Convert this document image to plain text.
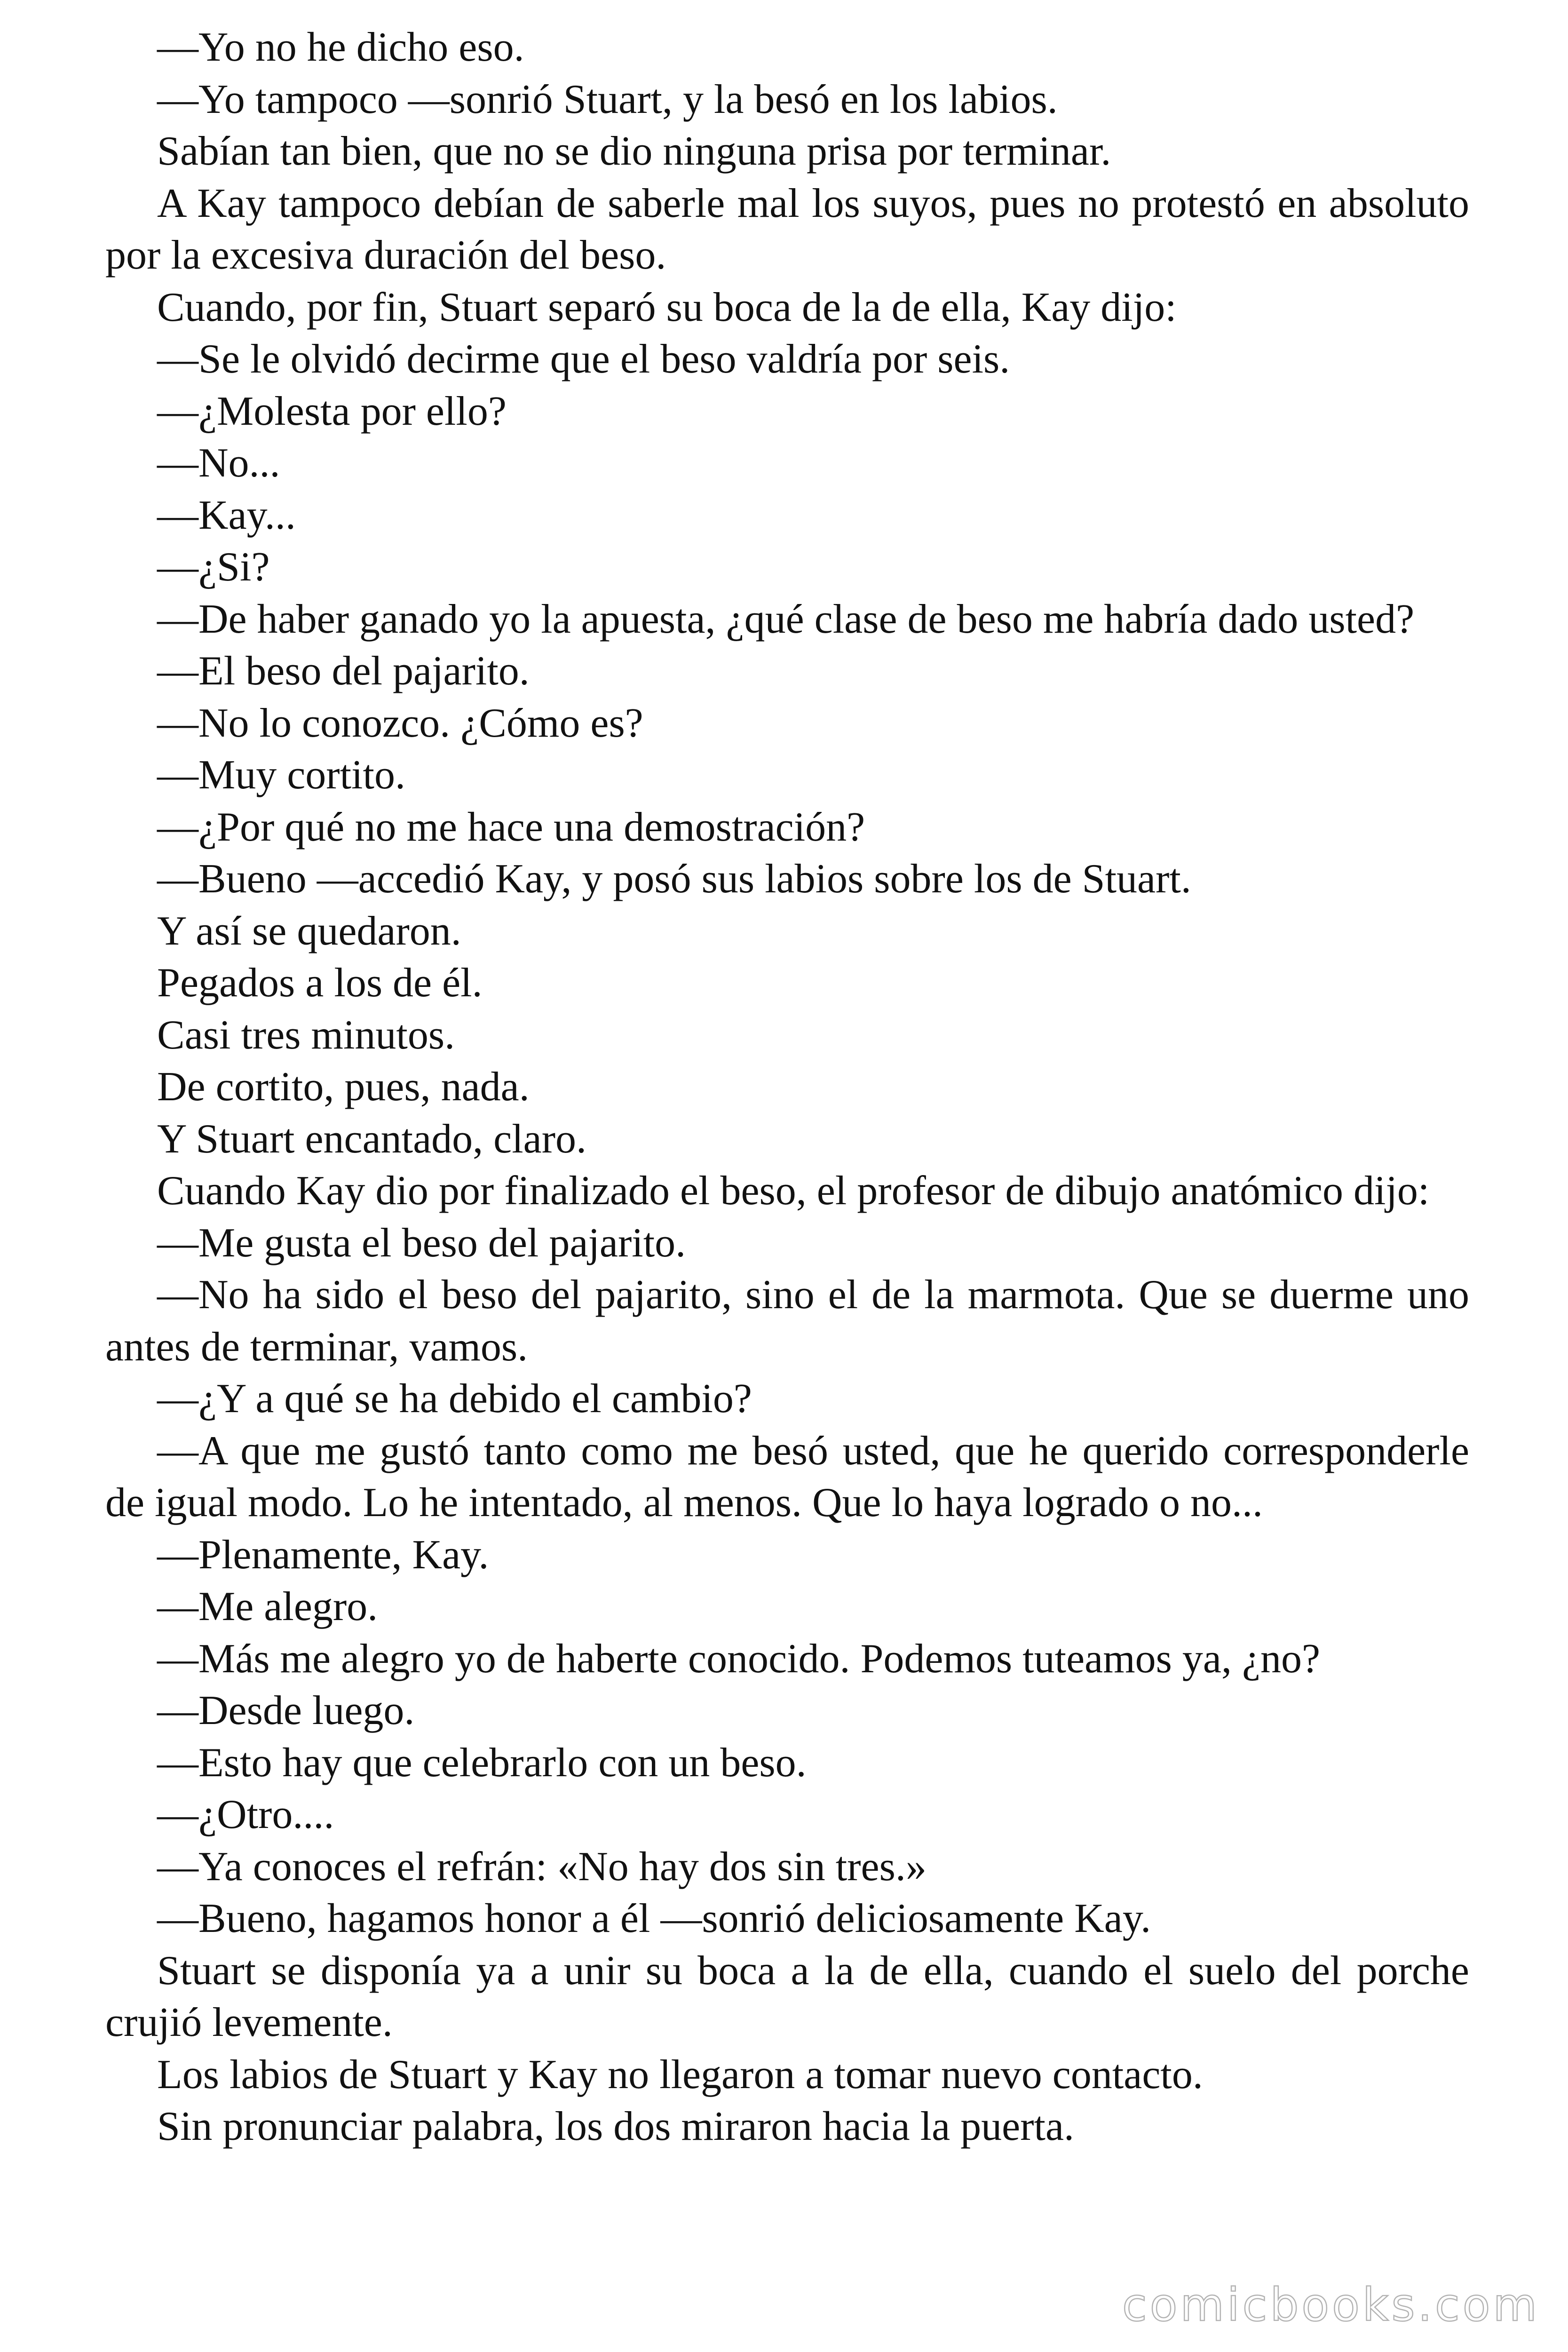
—Yo no he dicho eso.

—Yo tampoco —sonrió Stuart, y la besó en los labios.

Sabían tan bien, que no se dio ninguna prisa por terminar.

A Kay tampoco debían de saberle mal los suyos, pues no protestó en absoluto por la excesiva duración del beso.

Cuando, por fin, Stuart separó su boca de la de ella, Kay dijo:

—Se le olvidó decirme que el beso valdría por seis.

—¿Molesta por ello?

—No...

—Kay...

—¿Si?

—De haber ganado yo la apuesta, ¿qué clase de beso me habría dado usted?

—El beso del pajarito.

—No lo conozco. ¿Cómo es?

—Muy cortito.

—¿Por qué no me hace una demostración?

—Bueno —accedió Kay, y posó sus labios sobre los de Stuart.

Y así se quedaron.

Pegados a los de él.

Casi tres minutos.

De cortito, pues, nada.

Y Stuart encantado, claro.

Cuando Kay dio por finalizado el beso, el profesor de dibujo anatómico dijo:

—Me gusta el beso del pajarito.

—No ha sido el beso del pajarito, sino el de la marmota. Que se duerme uno antes de terminar, vamos.

—¿Y a qué se ha debido el cambio?

—A que me gustó tanto como me besó usted, que he querido corresponderle de igual modo. Lo he intentado, al menos. Que lo haya logrado o no...

—Plenamente, Kay.

—Me alegro.

—Más me alegro yo de haberte conocido. Podemos tuteamos ya, ¿no?

—Desde luego.

—Esto hay que celebrarlo con un beso.

—¿Otro....

—Ya conoces el refrán: «No hay dos sin tres.»

—Bueno, hagamos honor a él —sonrió deliciosamente Kay.

Stuart se disponía ya a unir su boca a la de ella, cuando el suelo del porche crujió levemente.

Los labios de Stuart y Kay no llegaron a tomar nuevo contacto.

Sin pronunciar palabra, los dos miraron hacia la puerta.

comicbooks.com
